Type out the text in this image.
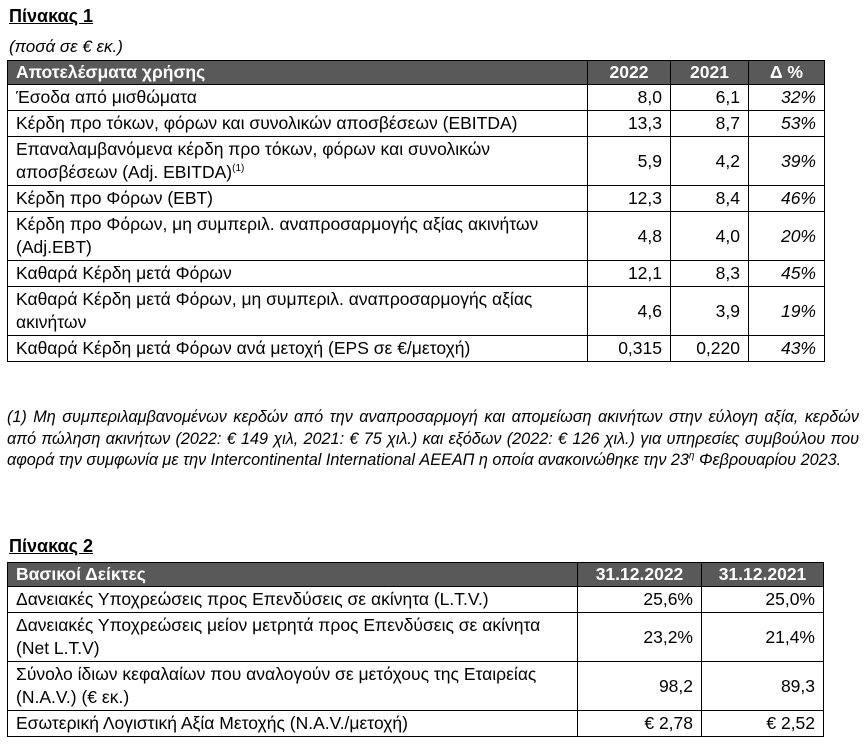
Πίνακας 1
(ποσά σε € εκ.)
Αποτελέσματα χρήσης	2022	2021	Δ %
Έσοδα από μισθώματα	8,0	6,1	32%
Κέρδη προ τόκων, φόρων και συνολικών αποσβέσεων (EBITDA)	13,3	8,7	53%
Επαναλαμβανόμενα κέρδη προ τόκων, φόρων και συνολικών αποσβέσεων (Adj. EBITDA)$^{(1)}$	5,9	4,2	39%
Κέρδη προ Φόρων (EBT)	12,3	8,4	46%
Κέρδη προ Φόρων, μη συμπεριλ. αναπροσαρμογής αξίας ακινήτων (Adj.EBT)	4,8	4,0	20%
Καθαρά Κέρδη μετά Φόρων	12,1	8,3	45%
Καθαρά Κέρδη μετά Φόρων, μη συμπεριλ. αναπροσαρμογής αξίας ακινήτων	4,6	3,9	19%
Καθαρά Κέρδη μετά Φόρων ανά μετοχή (EPS σε €/μετοχή)	0,315	0,220	43%
(1) Μη συμπεριλαμβανομένων κερδών από την αναπροσαρμογή και απομείωση ακινήτων στην εύλογη αξία, κερδών από πώληση ακινήτων (2022: € 149 χιλ, 2021: € 75 χιλ.) και εξόδων (2022: € 126 χιλ.) για υπηρεσίες συμβούλου που αφορά την συμφωνία με την Intercontinental International ΑΕΕΑΠ η οποία ανακοινώθηκε την $23^\eta$ Φεβρουαρίου 2023.
Πίνακας 2
Βασικοί Δείκτες	31.12.2022	31.12.2021
Δανειακές Υποχρεώσεις προς Επενδύσεις σε ακίνητα (L.T.V.)	25,6%	25,0%
Δανειακές Υποχρεώσεις μείον μετρητά προς Επενδύσεις σε ακίνητα (Net L.T.V)	23,2%	21,4%
Σύνολο ίδιων κεφαλαίων που αναλογούν σε μετόχους της Εταιρείας (N.A.V.) (€ εκ.)	98,2	89,3
Εσωτερική Λογιστική Αξία Μετοχής (N.A.V./μετοχή)	€ 2,78	€ 2,52
